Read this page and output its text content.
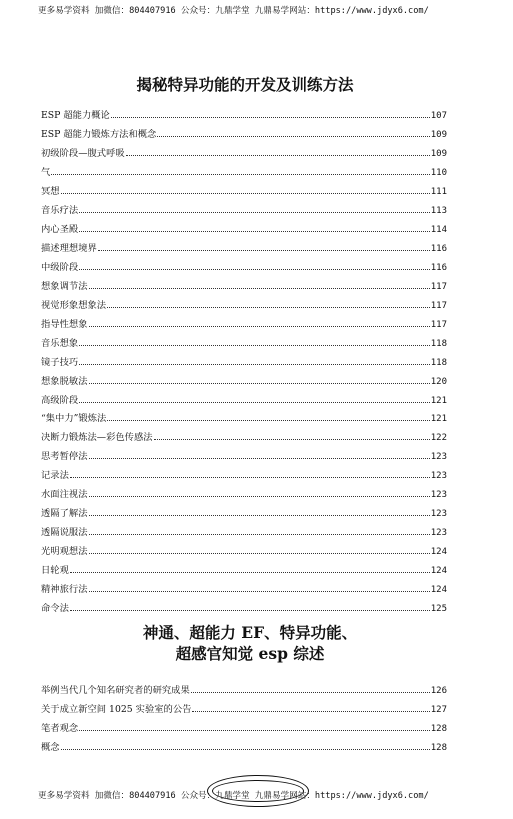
更多易学资料 加微信：804407916 公众号：九鼎学堂 九鼎易学网站：https://www.jdyx6.com/
揭秘特异功能的开发及训练方法
ESP 超能力概论	107
ESP 超能力锻炼方法和概念	109
初级阶段—腹式呼吸	109
气	110
冥想	111
音乐疗法	113
内心圣殿	114
描述理想境界	116
中级阶段	116
想象调节法	117
视觉形象想象法	117
指导性想象	117
音乐想象	118
镜子技巧	118
想象脱敏法	120
高级阶段	121
“集中力”锻炼法	121
决断力锻炼法—彩色传感法	122
思考暂停法	123
记录法	123
水面注视法	123
透隔了解法	123
透隔说服法	123
光明观想法	124
日轮观	124
精神旅行法	124
命令法	125
神通、超能力 EF、特异功能、
超感官知觉 esp 综述
举例当代几个知名研究者的研究成果	126
关于成立新空间 1025 实验室的公告	127
笔者观念	128
概念	128
更多易学资料 加微信：804407916 公众号：九鼎学堂 九鼎易学网站：https://www.jdyx6.com/
